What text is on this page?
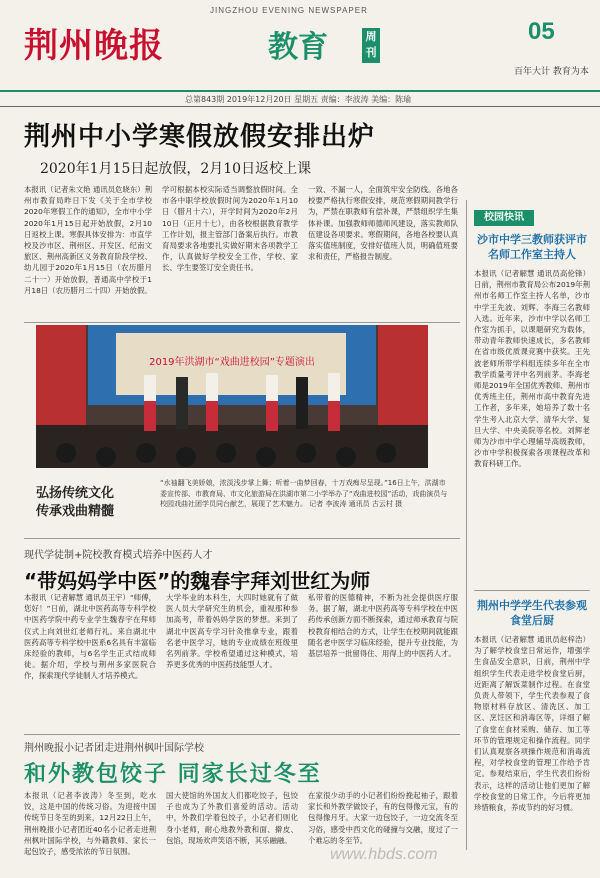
JINGZHOU EVENING NEWSPAPER
荆州晚报	教育	周刊
05
百年大计 教育为本
总第843期 2019年12月20日 星期五 责编：李波涛 美编：陈瑜
荆州中小学寒假放假安排出炉
2020年1月15日起放假，2月10日返校上课
本报讯（记者朱文艳 通讯员危晓东）荆州市教育局昨日下发《关于全市学校2020年寒假工作的通知》，全市中小学2020年1月15日起开始放假，2月10日返校上课。寒假具体安排为：市直学校及沙市区、荆州区、开发区、纪南文旅区、荆州高新区义务教育阶段学校、幼儿园于2020年1月15日（农历腊月二十一）开始放假，普通高中学校于1月18日（农历腊月二十四）开始放假。
学可根据本校实际适当调整放假时间。全市各中职学校放假时间为2020年1月10日（腊月十六），开学时间为2020年2月10日（正月十七），由各校根据教育教学工作计划，报主管部门备案后执行。市教育局要求各地要扎实做好期末各项教学工作，认真做好学校安全工作，学校、家长、学生要签订安全责任书。
一致、不漏一人，全面筑牢安全防线。各地各校要严格执行寒假安排，规范寒假期间教学行为，严禁在职教师有偿补课，严禁组织学生集体补课。加强教师师德师风建设，落实教师队伍建设各项要求。寒假期间，各地各校要认真落实值班制度，安排好值班人员，明确值班要求和责任，严格报告制度。
校园快讯
沙市中学三教师获评市名师工作室主持人
本报讯（记者解慧 通讯员高伦锋）日前，荆州市教育局公布2019年荆州市名师工作室主持人名单，沙市中学王先波、刘辉、李海三名教师入选。近年来，沙市中学以名师工作室为抓手，以课题研究为载体，带动青年教师快速成长，多名教师在省市级优质课竞赛中获奖。王先波老师所带学科组连续多年在全市教学质量考评中名列前茅。李海老师是2019年全国优秀教师、荆州市优秀班主任，荆州市高中教育先进工作者，多年来，她培养了数十名学生考入北京大学、清华大学、复旦大学、中央美院等名校。刘辉老师为沙市中学心理辅导高级教师，沙市中学积极探索各项课程改革和教育科研工作。
荆州中学学生代表参观食堂后厨
本报讯（记者解慧 通讯员赵梓浩）为了解学校食堂日常运作，增强学生食品安全意识，日前，荆州中学组织学生代表走进学校食堂后厨，近距离了解饭菜制作过程。在食堂负责人带领下，学生代表参观了食物原材料存放区、清洗区、加工区、烹饪区和消毒区等，详细了解了食堂在食材采购、储存、加工等环节的管理规定和操作流程。同学们认真观察各项操作规范和消毒流程，对学校食堂的管理工作给予肯定。参观结束后，学生代表们纷纷表示，这样的活动让他们更加了解学校食堂的日常工作，今后将更加珍惜粮食，养成节约的好习惯。
2019年洪湖市“戏曲进校园”专题演出
弘扬传统文化
传承戏曲精髓
“水袖翻飞美娇娘，浓淡浅步掌上舞；听着一曲梦回春，十万戏痴尽呈现。”16日上午，洪湖市委宣传部、市教育局、市文化旅游局在洪湖市第二小学举办了“戏曲进校园”活动，戏曲演员与校园戏曲社团学员同台献艺，展现了艺术魅力。 记者 李波涛 通讯员 古云村 摄
现代学徒制+院校教育模式培养中医药人才
“带妈妈学中医”的魏春宇拜刘世红为师
本报讯（记者解慧 通讯员王宇）“师傅，您好！”日前，湖北中医药高等专科学校中医药学院中药专业学生魏春宇在拜师仪式上向刘世红老师行礼。来自湖北中医药高等专科学校中医系6名具有丰富临床经验的教师，与6名学生正式结成师徒。据介绍，学校与荆州多家医院合作，探索现代学徒制人才培养模式。
大学毕业的本科生，大四时她就有了做医人员大学研究生的机会，重视那种参加高考，带着妈妈学医的梦想。来到了湖北中医高专学习针灸推拿专业，跟着名老中医学习，她的专业成绩在班级里名列前茅。学校希望通过这种模式，培养更多优秀的中医药技能型人才。
私带着的医德精神，不断为社会提供医疗服务。据了解，湖北中医药高等专科学校在中医药传承创新方面不断探索，通过师承教育与院校教育相结合的方式，让学生在校期间就能跟随名老中医学习临床经验，提升专业技能，为基层培养一批留得住、用得上的中医药人才。
荆州晚报小记者团走进荆州枫叶国际学校
和外教包饺子 同家长过冬至
本报讯（记者李波涛）冬至到，吃水饺，这是中国的传统习俗。为迎接中国传统节日冬至的到来，12月22日上午，荆州晚报小记者团近40名小记者走进荆州枫叶国际学校，与外籍教师、家长一起包饺子，感受浓浓的节日氛围。
国大使馆的外国友人们都吃饺子，包饺子也成为了外教们喜爱的活动。活动中，外教们学着包饺子，小记者们则化身小老师，耐心地教外教和面、擀皮、包馅，现场欢声笑语不断，其乐融融。
在家很少动手的小记者们纷纷挽起袖子，跟着家长和外教学做饺子，有的包得像元宝，有的包得像月牙。大家一边包饺子，一边交流冬至习俗，感受中西文化的碰撞与交融，度过了一个难忘的冬至节。
www.hbds.com
